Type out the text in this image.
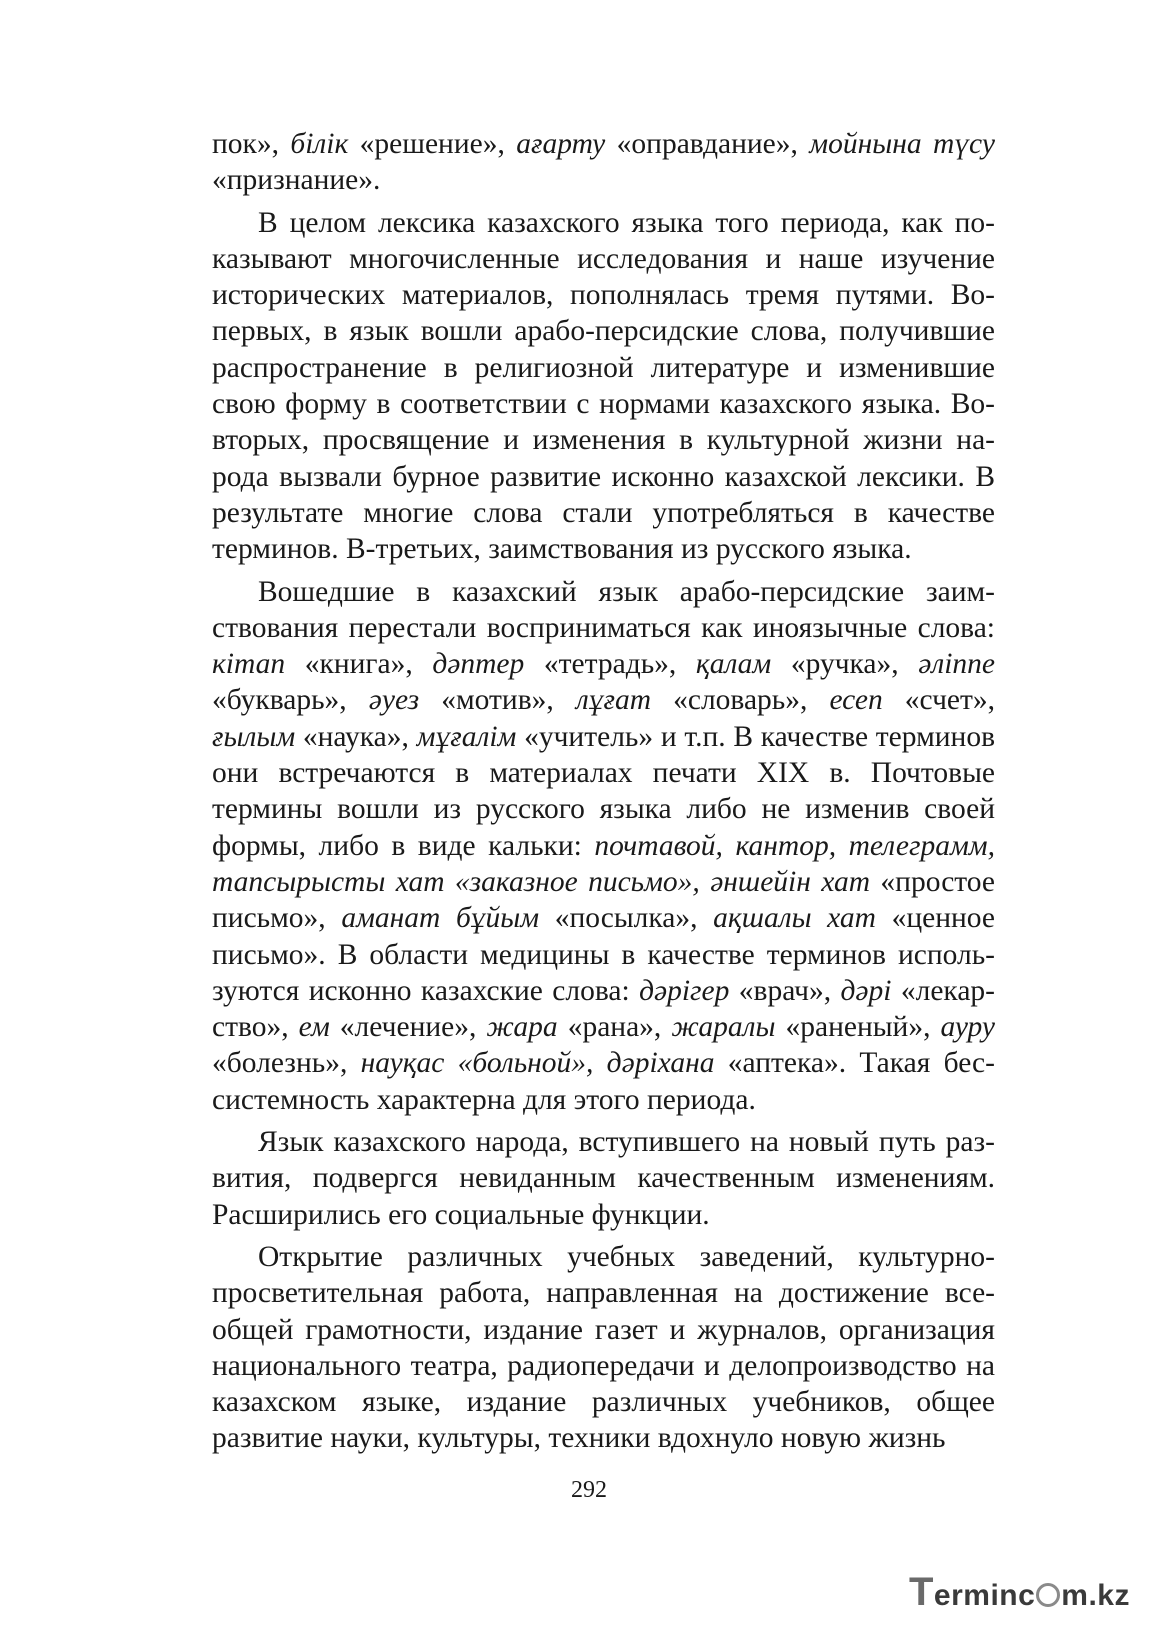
пок», білік «решение», ағарту «оправдание», мойнына түсу «признание».

В целом лексика казахского языка того периода, как показывают многочисленные исследования и наше изучение исторических материалов, пополнялась тремя путями. Во-первых, в язык вошли арабо-персидские слова, получившие распространение в религиозной литературе и изменившие свою форму в соответствии с нормами казахского языка. Во-вторых, просвящение и изменения в культурной жизни народа вызвали бурное развитие исконно казахской лексики. В результате многие слова стали употребляться в качестве терминов. В-третьих, заимствования из русского языка.

Вошедшие в казахский язык арабо-персидские заимствования перестали восприниматься как иноязычные слова: кітап «книга», дәптер «тетрадь», қалам «ручка», әліппе «букварь», әуез «мотив», лұғат «словарь», есеп «счет», ғылым «наука», мұғалім «учитель» и т.п. В качестве терминов они встречаются в материалах печати XIX в. Почтовые термины вошли из русского языка либо не изменив своей формы, либо в виде кальки: почтавой, кантор, телеграмм, тапсырысты хат «заказное письмо», әншейін хат «простое письмо», аманат бұйым «посылка», ақшалы хат «ценное письмо». В области медицины в качестве терминов используются исконно казахские слова: дәрігер «врач», дәрі «лекарство», ем «лечение», жара «рана», жаралы «раненый», ауру «болезнь», науқас «больной», дәріхана «аптека». Такая бессистемность характерна для этого периода.

Язык казахского народа, вступившего на новый путь развития, подвергся невиданным качественным изменениям. Расширились его социальные функции.

Открытие различных учебных заведений, культурно-просветительная работа, направленная на достижение всеобщей грамотности, издание газет и журналов, организация национального театра, радиопередачи и делопроизводство на казахском языке, издание различных учебников, общее развитие науки, культуры, техники вдохнуло новую жизнь

292
Terminc m.kz
